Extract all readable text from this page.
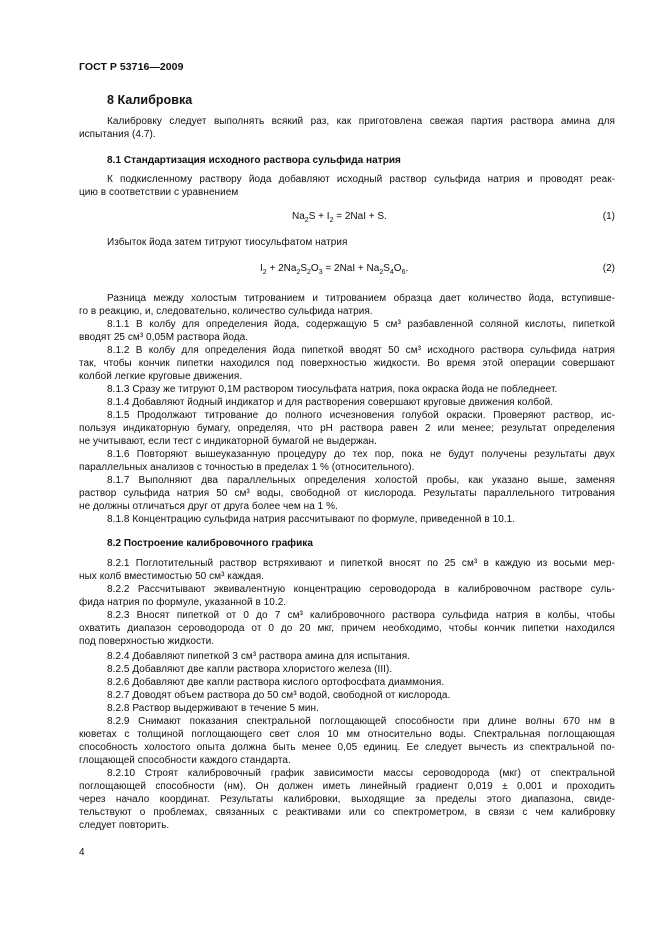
ГОСТ Р 53716—2009
8 Калибровка
Калибровку следует выполнять всякий раз, как приготовлена свежая партия раствора амина для
испытания (4.7).
8.1 Стандартизация исходного раствора сульфида натрия
К подкисленному раствору йода добавляют исходный раствор сульфида натрия и проводят реак-
цию в соответствии с уравнением
$Na_2S + I_2 = 2NaI + S$.	(1)
Избыток йода затем титруют тиосульфатом натрия
$I_2 + 2Na_2S_2O_3 = 2NaI + Na_2S_4O_6$.	(2)
Разница между холостым титрованием и титрованием образца дает количество йода, вступивше-
го в реакцию, и, следовательно, количество сульфида натрия.
8.1.1 В колбу для определения йода, содержащую 5 см³ разбавленной соляной кислоты, пипеткой
вводят 25 см³ 0,05М раствора йода.
8.1.2 В колбу для определения йода пипеткой вводят 50 см³ исходного раствора сульфида натрия
так, чтобы кончик пипетки находился под поверхностью жидкости. Во время этой операции совершают
колбой легкие круговые движения.
8.1.3 Сразу же титруют 0,1М раствором тиосульфата натрия, пока окраска йода не побледнеет.
8.1.4 Добавляют йодный индикатор и для растворения совершают круговые движения колбой.
8.1.5 Продолжают титрование до полного исчезновения голубой окраски. Проверяют раствор, ис-
пользуя индикаторную бумагу, определяя, что рН раствора равен 2 или менее; результат определения
не учитывают, если тест с индикаторной бумагой не выдержан.
8.1.6 Повторяют вышеуказанную процедуру до тех пор, пока не будут получены результаты двух
параллельных анализов с точностью в пределах 1 % (относительного).
8.1.7 Выполняют два параллельных определения холостой пробы, как указано выше, заменяя
раствор сульфида натрия 50 см³ воды, свободной от кислорода. Результаты параллельного титрования
не должны отличаться друг от друга более чем на 1 %.
8.1.8 Концентрацию сульфида натрия рассчитывают по формуле, приведенной в 10.1.
8.2 Построение калибровочного графика
8.2.1 Поглотительный раствор встряхивают и пипеткой вносят по 25 см³ в каждую из восьми мер-
ных колб вместимостью 50 см³ каждая.
8.2.2 Рассчитывают эквивалентную концентрацию сероводорода в калибровочном растворе суль-
фида натрия по формуле, указанной в 10.2.
8.2.3 Вносят пипеткой от 0 до 7 см³ калибровочного раствора сульфида натрия в колбы, чтобы
охватить диапазон сероводорода от 0 до 20 мкг, причем необходимо, чтобы кончик пипетки находился
под поверхностью жидкости.
8.2.4 Добавляют пипеткой 3 см³ раствора амина для испытания.
8.2.5 Добавляют две капли раствора хлористого железа (III).
8.2.6 Добавляют две капли раствора кислого ортофосфата диаммония.
8.2.7 Доводят объем раствора до 50 см³ водой, свободной от кислорода.
8.2.8 Раствор выдерживают в течение 5 мин.
8.2.9 Снимают показания спектральной поглощающей способности при длине волны 670 нм в
кюветах с толщиной поглощающего свет слоя 10 мм относительно воды. Спектральная поглощающая
способность холостого опыта должна быть менее 0,05 единиц. Ее следует вычесть из спектральной по-
глощающей способности каждого стандарта.
8.2.10 Строят калибровочный график зависимости массы сероводорода (мкг) от спектральной
поглощающей способности (нм). Он должен иметь линейный градиент 0,019 ± 0,001 и проходить
через начало координат. Результаты калибровки, выходящие за пределы этого диапазона, свиде-
тельствуют о проблемах, связанных с реактивами или со спектрометром, в связи с чем калибровку
следует повторить.
4
